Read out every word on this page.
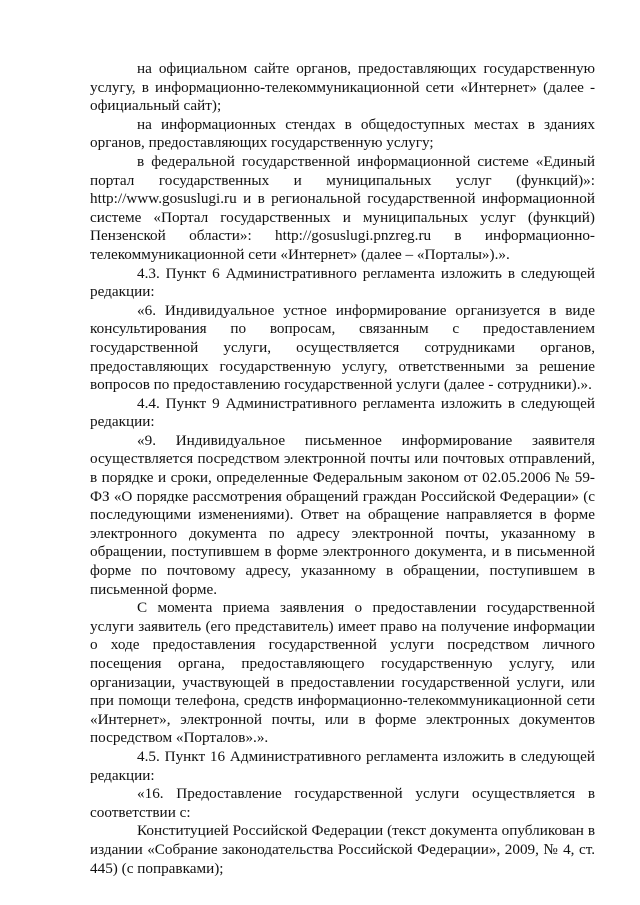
на официальном сайте органов, предоставляющих государственную услугу, в информационно-телекоммуникационной сети «Интернет» (далее - официальный сайт);

на информационных стендах в общедоступных местах в зданиях органов, предоставляющих государственную услугу;

в федеральной государственной информационной системе «Единый портал государственных и муниципальных услуг (функций)»: http://www.gosuslugi.ru и в региональной государственной информационной системе «Портал государственных и муниципальных услуг (функций) Пензенской области»: http://gosuslugi.pnzreg.ru в информационно-телекоммуникационной сети «Интернет» (далее – «Порталы»).».

4.3. Пункт 6 Административного регламента изложить в следующей редакции:

«6. Индивидуальное устное информирование организуется в виде консультирования по вопросам, связанным с предоставлением государственной услуги, осуществляется сотрудниками органов, предоставляющих государственную услугу, ответственными за решение вопросов по предоставлению государственной услуги (далее - сотрудники).».

4.4. Пункт 9 Административного регламента изложить в следующей редакции:

«9. Индивидуальное письменное информирование заявителя осуществляется посредством электронной почты или почтовых отправлений, в порядке и сроки, определенные Федеральным законом от 02.05.2006 № 59-ФЗ «О порядке рассмотрения обращений граждан Российской Федерации» (с последующими изменениями). Ответ на обращение направляется в форме электронного документа по адресу электронной почты, указанному в обращении, поступившем в форме электронного документа, и в письменной форме по почтовому адресу, указанному в обращении, поступившем в письменной форме.

С момента приема заявления о предоставлении государственной услуги заявитель (его представитель) имеет право на получение информации о ходе предоставления государственной услуги посредством личного посещения органа, предоставляющего государственную услугу, или организации, участвующей в предоставлении государственной услуги, или при помощи телефона, средств информационно-телекоммуникационной сети «Интернет», электронной почты, или в форме электронных документов посредством «Порталов».».

4.5. Пункт 16 Административного регламента изложить в следующей редакции:

«16. Предоставление государственной услуги осуществляется в соответствии с:

Конституцией Российской Федерации (текст документа опубликован в издании «Собрание законодательства Российской Федерации», 2009, № 4, ст. 445) (с поправками);
